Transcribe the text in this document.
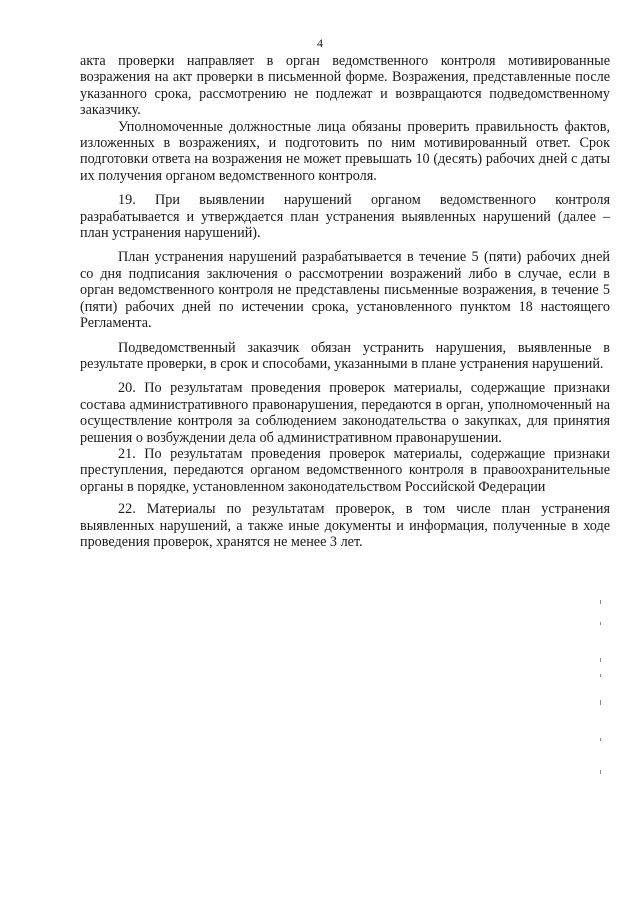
4

акта проверки направляет в орган ведомственного контроля мотивированные возражения на акт проверки в письменной форме. Возражения, представленные после указанного срока, рассмотрению не подлежат и возвращаются подведомственному заказчику.

Уполномоченные должностные лица обязаны проверить правильность фактов, изложенных в возражениях, и подготовить по ним мотивированный ответ. Срок подготовки ответа на возражения не может превышать 10 (десять) рабочих дней с даты их получения органом ведомственного контроля.

19. При выявлении нарушений органом ведомственного контроля разрабатывается и утверждается план устранения выявленных нарушений (далее – план устранения нарушений).

План устранения нарушений разрабатывается в течение 5 (пяти) рабочих дней со дня подписания заключения о рассмотрении возражений либо в случае, если в орган ведомственного контроля не представлены письменные возражения, в течение 5 (пяти) рабочих дней по истечении срока, установленного пунктом 18 настоящего Регламента.

Подведомственный заказчик обязан устранить нарушения, выявленные в результате проверки, в срок и способами, указанными в плане устранения нарушений.

20. По результатам проведения проверок материалы, содержащие признаки состава административного правонарушения, передаются в орган, уполномоченный на осуществление контроля за соблюдением законодательства о закупках, для принятия решения о возбуждении дела об административном правонарушении.

21. По результатам проведения проверок материалы, содержащие признаки преступления, передаются органом ведомственного контроля в правоохранительные органы в порядке, установленном законодательством Российской Федерации

22. Материалы по результатам проверок, в том числе план устранения выявленных нарушений, а также иные документы и информация, полученные в ходе проведения проверок, хранятся не менее 3 лет.
